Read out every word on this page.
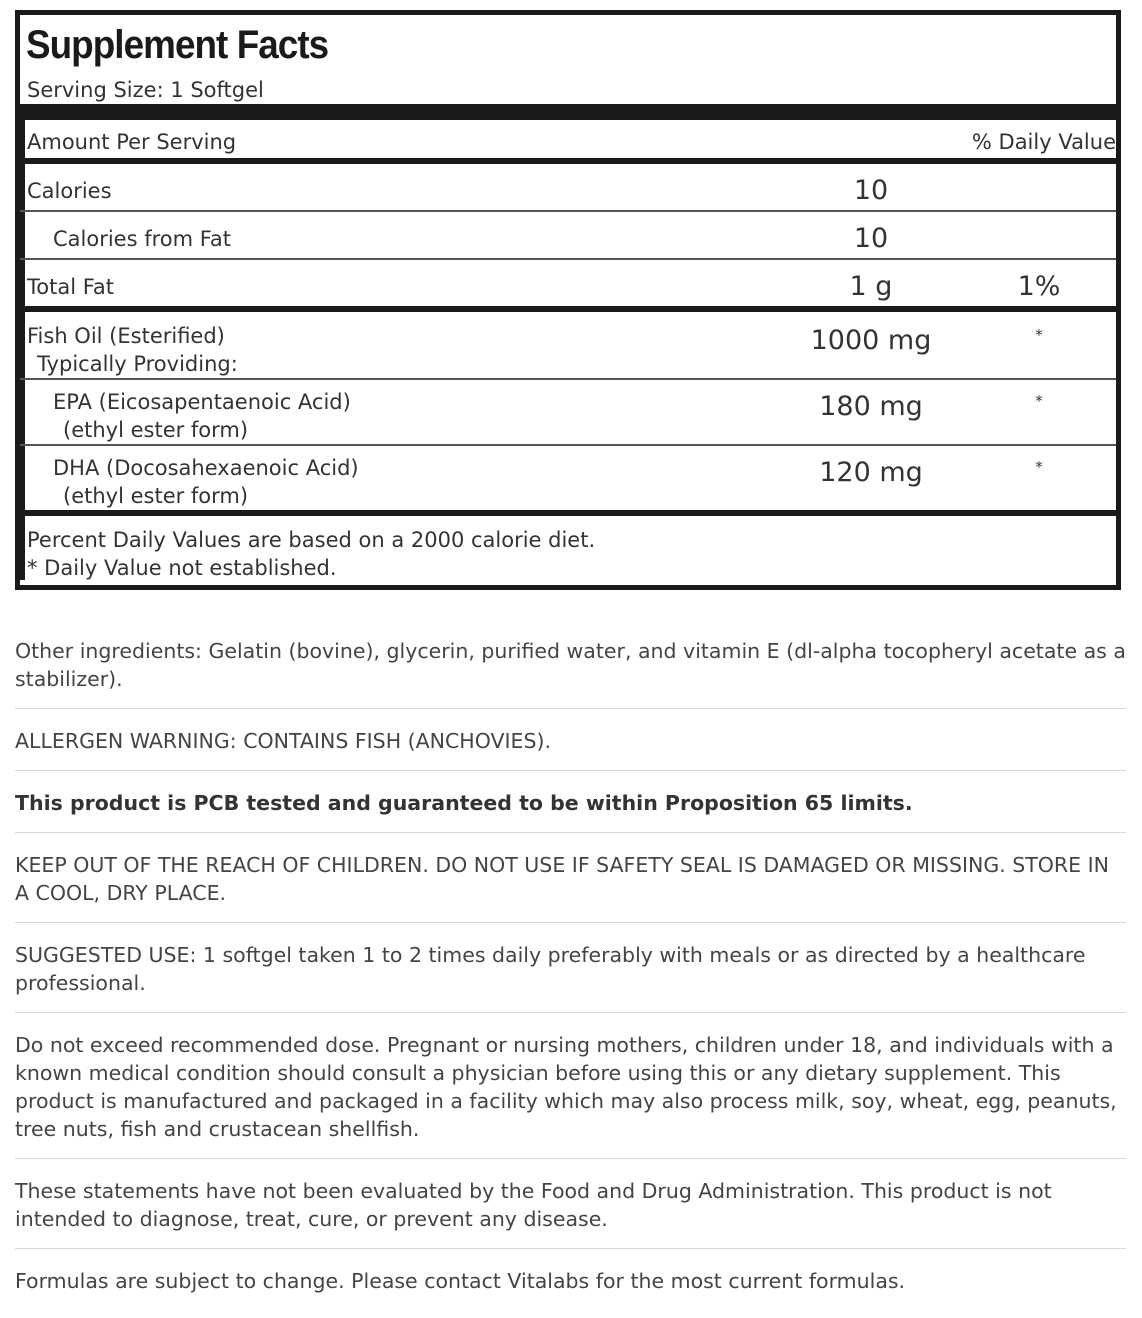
Supplement Facts
Serving Size: 1 Softgel
Amount Per Serving	% Daily Value
Calories	10
Calories from Fat	10
Total Fat	1 g	1%
Fish Oil (Esterified)
Typically Providing:
1000 mg	*
EPA (Eicosapentaenoic Acid)
(ethyl ester form)
180 mg	*
DHA (Docosahexaenoic Acid)
(ethyl ester form)
120 mg	*
Percent Daily Values are based on a 2000 calorie diet.
* Daily Value not established.

Other ingredients: Gelatin (bovine), glycerin, purified water, and vitamin E (dl-alpha tocopheryl acetate as a stabilizer).

ALLERGEN WARNING: CONTAINS FISH (ANCHOVIES).

This product is PCB tested and guaranteed to be within Proposition 65 limits.

KEEP OUT OF THE REACH OF CHILDREN. DO NOT USE IF SAFETY SEAL IS DAMAGED OR MISSING. STORE IN A COOL, DRY PLACE.

SUGGESTED USE: 1 softgel taken 1 to 2 times daily preferably with meals or as directed by a healthcare professional.

Do not exceed recommended dose. Pregnant or nursing mothers, children under 18, and individuals with a known medical condition should consult a physician before using this or any dietary supplement. This product is manufactured and packaged in a facility which may also process milk, soy, wheat, egg, peanuts, tree nuts, fish and crustacean shellfish.

These statements have not been evaluated by the Food and Drug Administration. This product is not intended to diagnose, treat, cure, or prevent any disease.

Formulas are subject to change. Please contact Vitalabs for the most current formulas.
